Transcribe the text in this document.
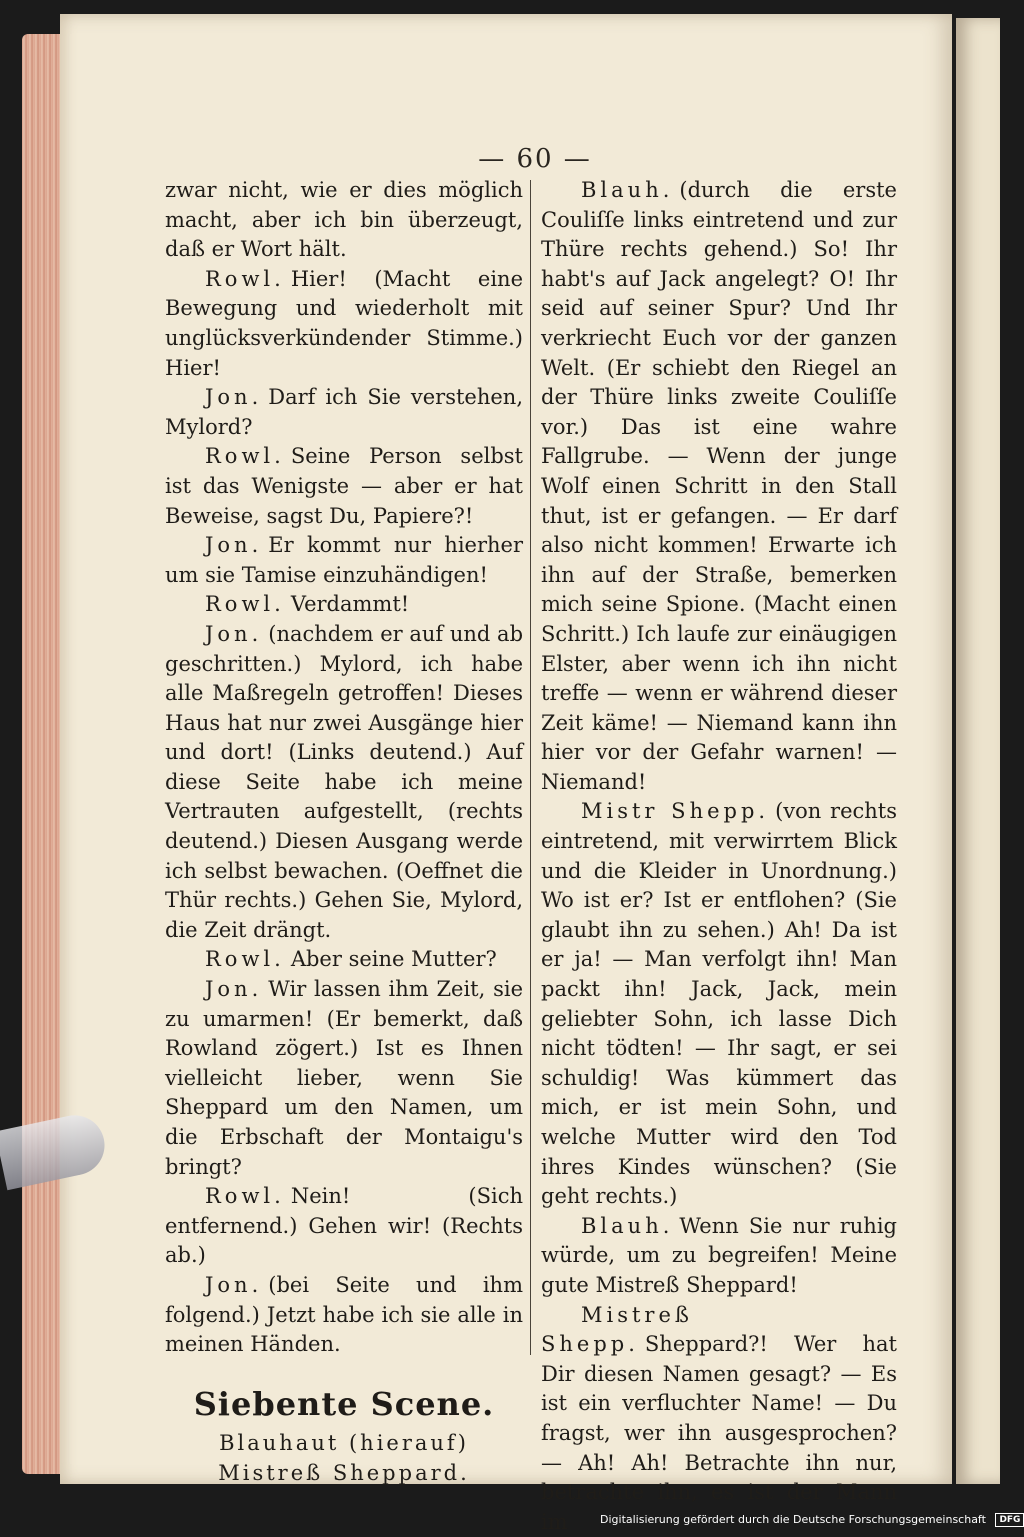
— 60 —

zwar nicht, wie er dies möglich macht, aber ich bin überzeugt, daß er Wort hält.

Rowl. Hier! (Macht eine Bewegung und wiederholt mit unglücksverkündender Stimme.) Hier!

Jon. Darf ich Sie verstehen, Mylord?

Rowl. Seine Person selbst ist das Wenigste — aber er hat Beweise, sagst Du, Papiere?!

Jon. Er kommt nur hierher um sie Tamise einzuhändigen!

Rowl. Verdammt!

Jon. (nachdem er auf und ab geschritten.) Mylord, ich habe alle Maßregeln getroffen! Dieses Haus hat nur zwei Ausgänge hier und dort! (Links deutend.) Auf diese Seite habe ich meine Vertrauten aufgestellt, (rechts deutend.) Diesen Ausgang werde ich selbst bewachen. (Oeffnet die Thür rechts.) Gehen Sie, Mylord, die Zeit drängt.

Rowl. Aber seine Mutter?

Jon. Wir lassen ihm Zeit, sie zu umarmen! (Er bemerkt, daß Rowland zögert.) Ist es Ihnen vielleicht lieber, wenn Sie Sheppard um den Namen, um die Erbschaft der Montaigu's bringt?

Rowl. Nein! (Sich entfernend.) Gehen wir! (Rechts ab.)

Jon. (bei Seite und ihm folgend.) Jetzt habe ich sie alle in meinen Händen.

Siebente Scene.
Blauhaut (hierauf) Mistreß Sheppard.

Blauh. (durch die erste Couliſſe links eintretend und zur Thüre rechts gehend.) So! Ihr habt's auf Jack angelegt? O! Ihr seid auf seiner Spur? Und Ihr verkriecht Euch vor der ganzen Welt. (Er schiebt den Riegel an der Thüre links zweite Couliſſe vor.) Das ist eine wahre Fallgrube. — Wenn der junge Wolf einen Schritt in den Stall thut, ist er gefangen. — Er darf also nicht kommen! Erwarte ich ihn auf der Straße, bemerken mich seine Spione. (Macht einen Schritt.) Ich laufe zur einäugigen Elster, aber wenn ich ihn nicht treffe — wenn er während dieser Zeit käme! — Niemand kann ihn hier vor der Gefahr warnen! — Niemand!

Mistr Shepp. (von rechts eintretend, mit verwirrtem Blick und die Kleider in Unordnung.) Wo ist er? Ist er entflohen? (Sie glaubt ihn zu sehen.) Ah! Da ist er ja! — Man verfolgt ihn! Man packt ihn! Jack, Jack, mein geliebter Sohn, ich lasse Dich nicht tödten! — Ihr sagt, er sei schuldig! Was kümmert das mich, er ist mein Sohn, und welche Mutter wird den Tod ihres Kindes wünschen? (Sie geht rechts.)

Blauh. Wenn Sie nur ruhig würde, um zu begreifen! Meine gute Mistreß Sheppard!

Mistreß Shepp. Sheppard?! Wer hat Dir diesen Namen gesagt? — Es ist ein verfluchter Name! — Du fragst, wer ihn ausgesprochen? — Ah! Ah! Betrachte ihn nur, betrachte ihn, es ist der Mann im	Digitalisierung gefördert durch die Deutsche Forschungsgemeinschaft DFG
